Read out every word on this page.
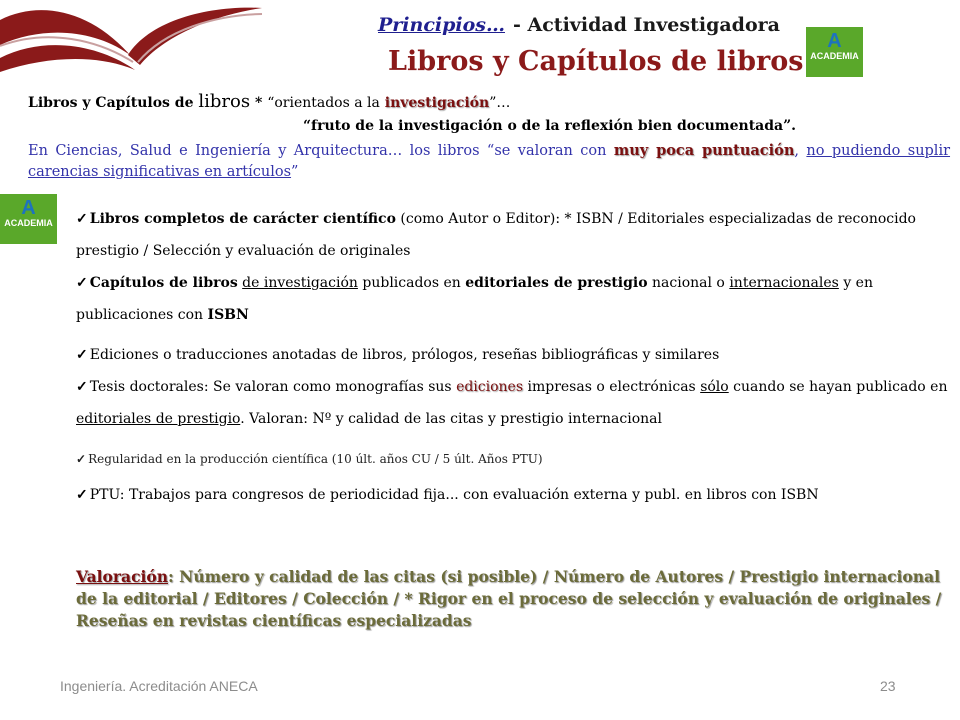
Principios… - Actividad Investigadora
Libros y Capítulos de libros
A
ACADEMIA
A
ACADEMIA
Libros y Capítulos de libros * “orientados a la investigación”…
“fruto de la investigación o de la reflexión bien documentada”.
En Ciencias, Salud e Ingeniería y Arquitectura… los libros “se valoran con muy poca puntuación, no pudiendo suplir carencias significativas en artículos”

✓ Libros completos de carácter científico (como Autor o Editor): * ISBN / Editoriales especializadas de reconocido prestigio / Selección y evaluación de originales

✓ Capítulos de libros de investigación publicados en editoriales de prestigio nacional o internacionales y en publicaciones con ISBN

✓ Ediciones o traducciones anotadas de libros, prólogos, reseñas bibliográficas y similares

✓ Tesis doctorales: Se valoran como monografías sus ediciones impresas o electrónicas sólo cuando se hayan publicado en editoriales de prestigio. Valoran: Nº y calidad de las citas y prestigio internacional

✓ Regularidad en la producción científica (10 últ. años CU / 5 últ. Años PTU)

✓ PTU: Trabajos para congresos de periodicidad fija... con evaluación externa y publ. en libros con ISBN

Valoración: Número y calidad de las citas (si posible) / Número de Autores / Prestigio internacional de la editorial / Editores / Colección / * Rigor en el proceso de selección y evaluación de originales / Reseñas en revistas científicas especializadas
Ingeniería. Acreditación ANECA	23
